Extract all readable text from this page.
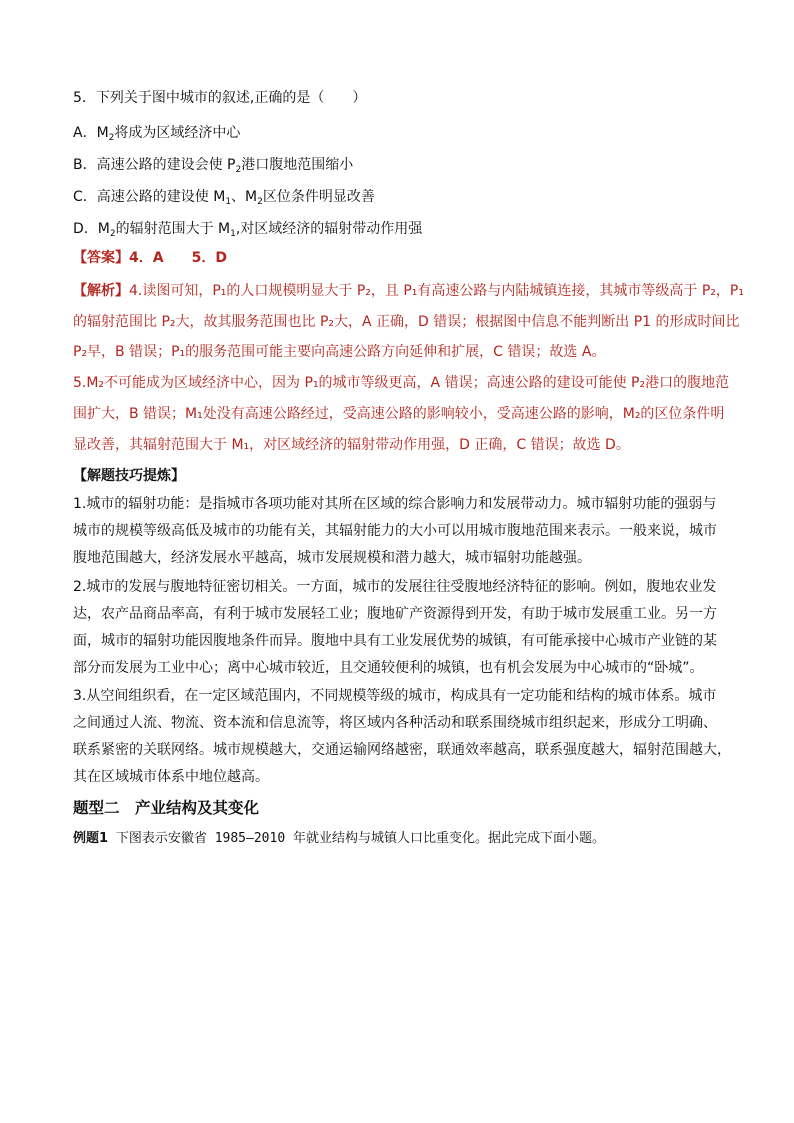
5．下列关于图中城市的叙述,正确的是（　　）
A．$M_2$将成为区域经济中心
B．高速公路的建设会使 $P_2$港口腹地范围缩小
C．高速公路的建设使 $M_1$、$M_2$区位条件明显改善
D．$M_2$的辐射范围大于 $M_1$,对区域经济的辐射带动作用强
【答案】4．A　　5．D
【解析】4.读图可知，P₁的人口规模明显大于 P₂，且 P₁有高速公路与内陆城镇连接，其城市等级高于 P₂，P₁
的辐射范围比 P₂大，故其服务范围也比 P₂大，A 正确，D 错误；根据图中信息不能判断出 P1 的形成时间比
P₂早，B 错误；P₁的服务范围可能主要向高速公路方向延伸和扩展，C 错误；故选 A。
5.M₂不可能成为区域经济中心，因为 P₁的城市等级更高，A 错误；高速公路的建设可能使 P₂港口的腹地范
围扩大，B 错误；M₁处没有高速公路经过，受高速公路的影响较小，受高速公路的影响，M₂的区位条件明
显改善，其辐射范围大于 M₁，对区域经济的辐射带动作用强，D 正确，C 错误；故选 D。
【解题技巧提炼】
1.城市的辐射功能：是指城市各项功能对其所在区域的综合影响力和发展带动力。城市辐射功能的强弱与
城市的规模等级高低及城市的功能有关，其辐射能力的大小可以用城市腹地范围来表示。一般来说，城市
腹地范围越大，经济发展水平越高，城市发展规模和潜力越大，城市辐射功能越强。
2.城市的发展与腹地特征密切相关。一方面，城市的发展往往受腹地经济特征的影响。例如，腹地农业发
达，农产品商品率高，有利于城市发展轻工业；腹地矿产资源得到开发，有助于城市发展重工业。另一方
面，城市的辐射功能因腹地条件而异。腹地中具有工业发展优势的城镇，有可能承接中心城市产业链的某
部分而发展为工业中心；离中心城市较近，且交通较便利的城镇，也有机会发展为中心城市的“卧城”。
3.从空间组织看，在一定区域范围内，不同规模等级的城市，构成具有一定功能和结构的城市体系。城市
之间通过人流、物流、资本流和信息流等，将区域内各种活动和联系围绕城市组织起来，形成分工明确、
联系紧密的关联网络。城市规模越大，交通运输网络越密，联通效率越高，联系强度越大，辐射范围越大，
其在区域城市体系中地位越高。
题型二　产业结构及其变化
例题1 下图表示安徽省 1985—2010 年就业结构与城镇人口比重变化。据此完成下面小题。
